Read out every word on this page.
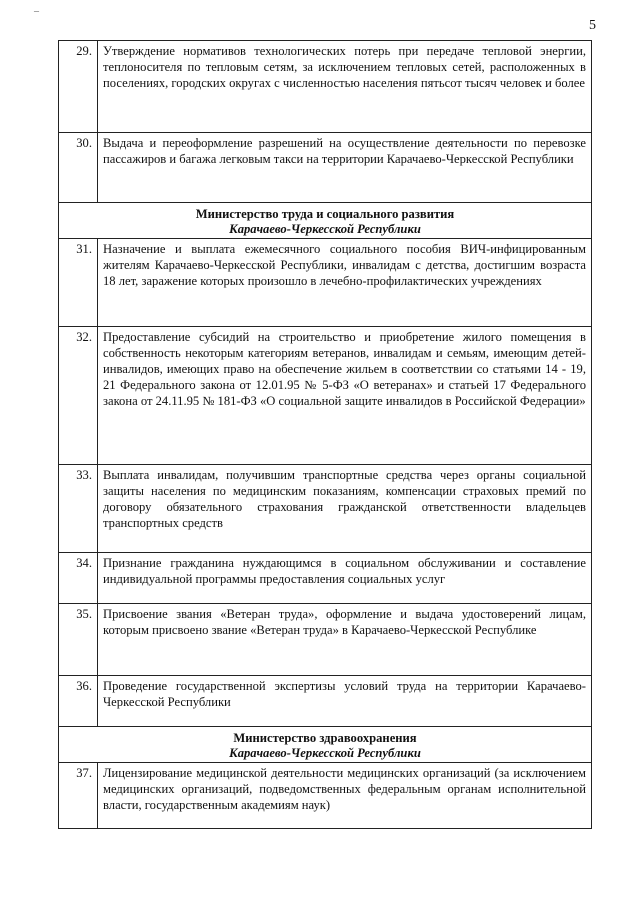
–
5
29.	Утверждение нормативов технологических потерь при передаче тепловой энергии, теплоносителя по тепловым сетям, за исключением тепловых сетей, расположенных в поселениях, городских округах с численностью населения пятьсот тысяч человек и более
30.	Выдача и переоформление разрешений на осуществление деятельности по перевозке пассажиров и багажа легковым такси на территории Карачаево-Черкесской Республики

Министерство труда и социального развития
Карачаево-Черкесской Республики	

31.	Назначение и выплата ежемесячного социального пособия ВИЧ-инфицированным жителям Карачаево-Черкесской Республики, инвалидам с детства, достигшим возраста 18 лет, заражение которых произошло в лечебно-профилактических учреждениях
32.	Предоставление субсидий на строительство и приобретение жилого помещения в собственность некоторым категориям ветеранов, инвалидам и семьям, имеющим детей-инвалидов, имеющих право на обеспечение жильем в соответствии со статьями 14 - 19, 21 Федерального закона от 12.01.95 № 5-ФЗ «О ветеранах» и статьей 17 Федерального закона от 24.11.95 № 181-ФЗ «О социальной защите инвалидов в Российской Федерации»
33.	Выплата инвалидам, получившим транспортные средства через органы социальной защиты населения по медицинским показаниям, компенсации страховых премий по договору обязательного страхования гражданской ответственности владельцев транспортных средств
34.	Признание гражданина нуждающимся в социальном обслуживании и составление индивидуальной программы предоставления социальных услуг
35.	Присвоение звания «Ветеран труда», оформление и выдача удостоверений лицам, которым присвоено звание «Ветеран труда» в Карачаево-Черкесской Республике
36.	Проведение государственной экспертизы условий труда на территории Карачаево-Черкесской Республики

Министерство здравоохранения
Карачаево-Черкесской Республики	

37.	Лицензирование медицинской деятельности медицинских организаций (за исключением медицинских организаций, подведомственных федеральным органам исполнительной власти, государственным академиям наук)
